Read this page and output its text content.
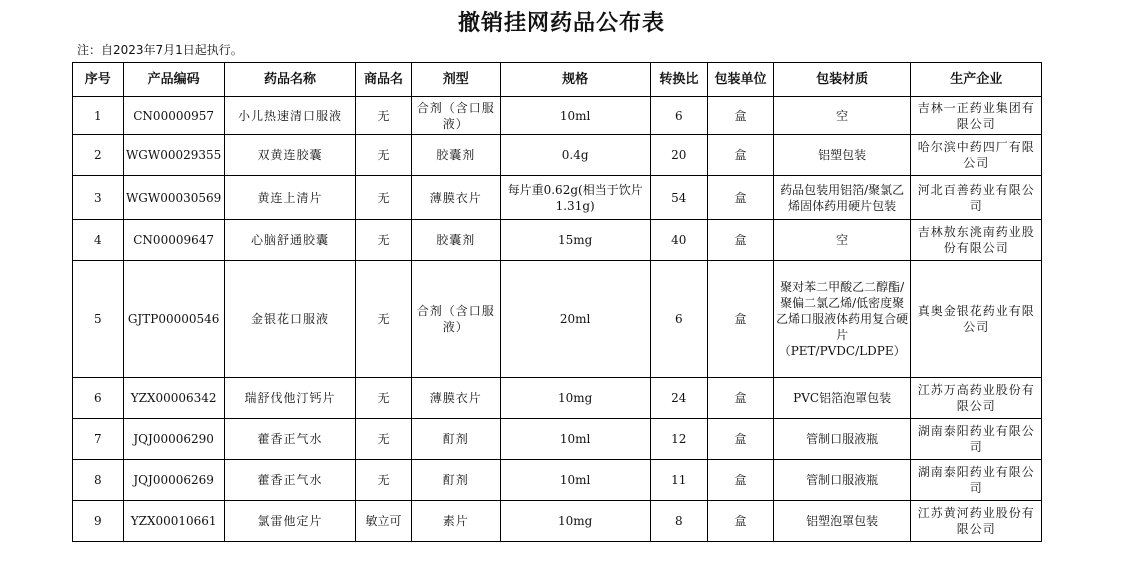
撤销挂网药品公布表
注：自2023年7月1日起执行。
序号	产品编码	药品名称	商品名	剂型	规格	转换比	包装单位	包装材质	生产企业
1	CN00000957	小儿热速清口服液	无	合剂（含口服液）	10ml	6	盒	空	吉林一正药业集团有限公司
2	WGW00029355	双黄连胶囊	无	胶囊剂	0.4g	20	盒	铝塑包装	哈尔滨中药四厂有限公司
3	WGW00030569	黄连上清片	无	薄膜衣片	每片重0.62g(相当于饮片1.31g)	54	盒	药品包装用铝箔/聚氯乙烯固体药用硬片包装	河北百善药业有限公司
4	CN00009647	心脑舒通胶囊	无	胶囊剂	15mg	40	盒	空	吉林敖东洮南药业股份有限公司
5	GJTP00000546	金银花口服液	无	合剂（含口服液）	20ml	6	盒	聚对苯二甲酸乙二醇酯/聚偏二氯乙烯/低密度聚乙烯口服液体药用复合硬片（PET/PVDC/LDPE）	真奥金银花药业有限公司
6	YZX00006342	瑞舒伐他汀钙片	无	薄膜衣片	10mg	24	盒	PVC铝箔泡罩包装	江苏万高药业股份有限公司
7	JQJ00006290	藿香正气水	无	酊剂	10ml	12	盒	管制口服液瓶	湖南泰阳药业有限公司
8	JQJ00006269	藿香正气水	无	酊剂	10ml	11	盒	管制口服液瓶	湖南泰阳药业有限公司
9	YZX00010661	氯雷他定片	敏立可	素片	10mg	8	盒	铝塑泡罩包装	江苏黄河药业股份有限公司
